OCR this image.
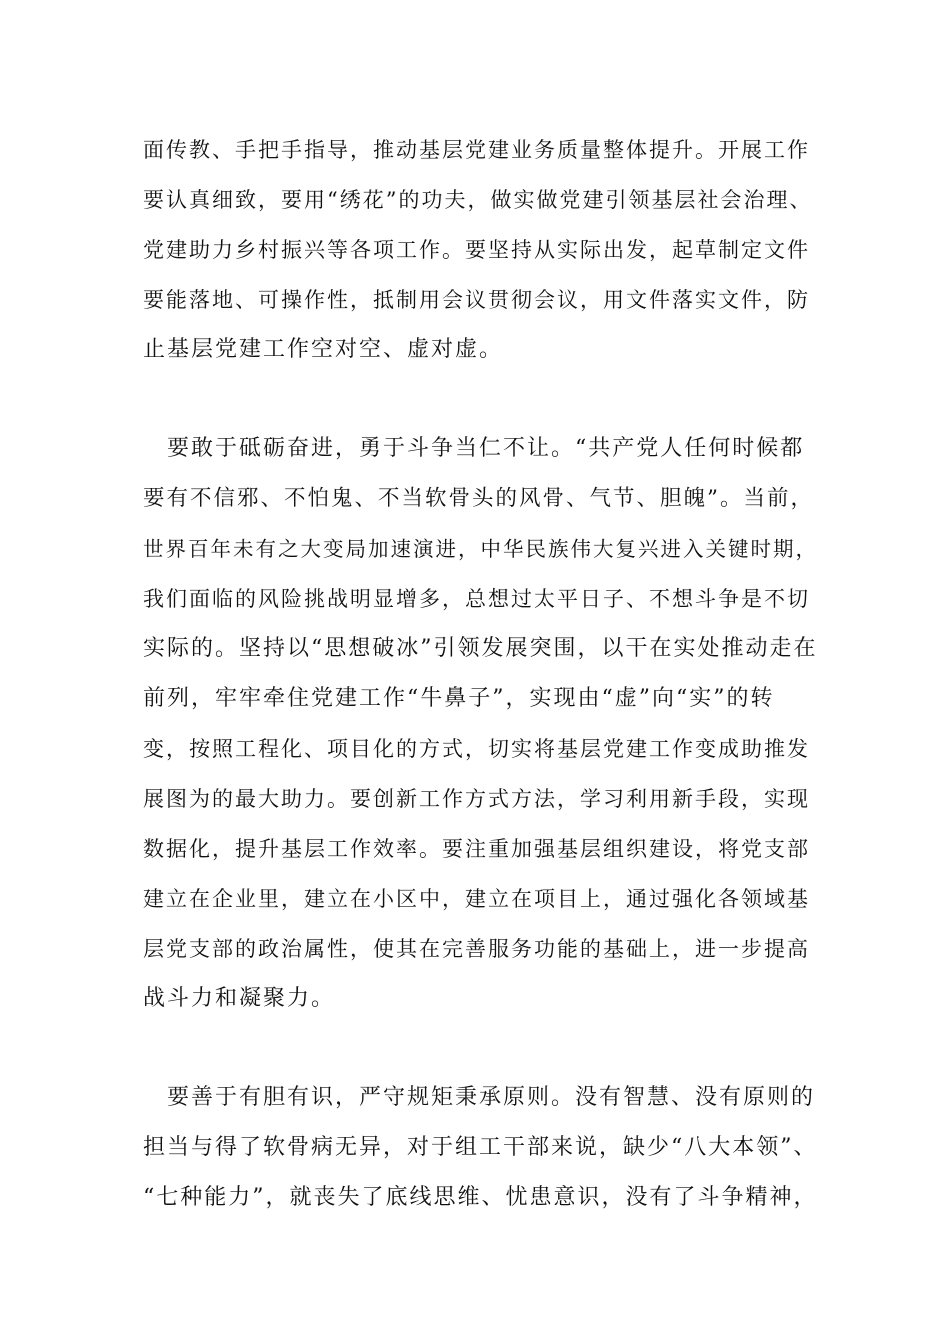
面传教、手把手指导，推动基层党建业务质量整体提升。开展工作
要认真细致，要用“绣花”的功夫，做实做党建引领基层社会治理、
党建助力乡村振兴等各项工作。要坚持从实际出发，起草制定文件
要能落地、可操作性，抵制用会议贯彻会议，用文件落实文件，防
止基层党建工作空对空、虚对虚。
　要敢于砥砺奋进，勇于斗争当仁不让。“共产党人任何时候都
要有不信邪、不怕鬼、不当软骨头的风骨、气节、胆魄”。当前，
世界百年未有之大变局加速演进，中华民族伟大复兴进入关键时期，
我们面临的风险挑战明显增多，总想过太平日子、不想斗争是不切
实际的。坚持以“思想破冰”引领发展突围，以干在实处推动走在
前列，牢牢牵住党建工作“牛鼻子”，实现由“虚”向“实”的转
变，按照工程化、项目化的方式，切实将基层党建工作变成助推发
展图为的最大助力。要创新工作方式方法，学习利用新手段，实现
数据化，提升基层工作效率。要注重加强基层组织建设，将党支部
建立在企业里，建立在小区中，建立在项目上，通过强化各领域基
层党支部的政治属性，使其在完善服务功能的基础上，进一步提高
战斗力和凝聚力。
　要善于有胆有识，严守规矩秉承原则。没有智慧、没有原则的
担当与得了软骨病无异，对于组工干部来说，缺少“八大本领”、
“七种能力”，就丧失了底线思维、忧患意识，没有了斗争精神，
